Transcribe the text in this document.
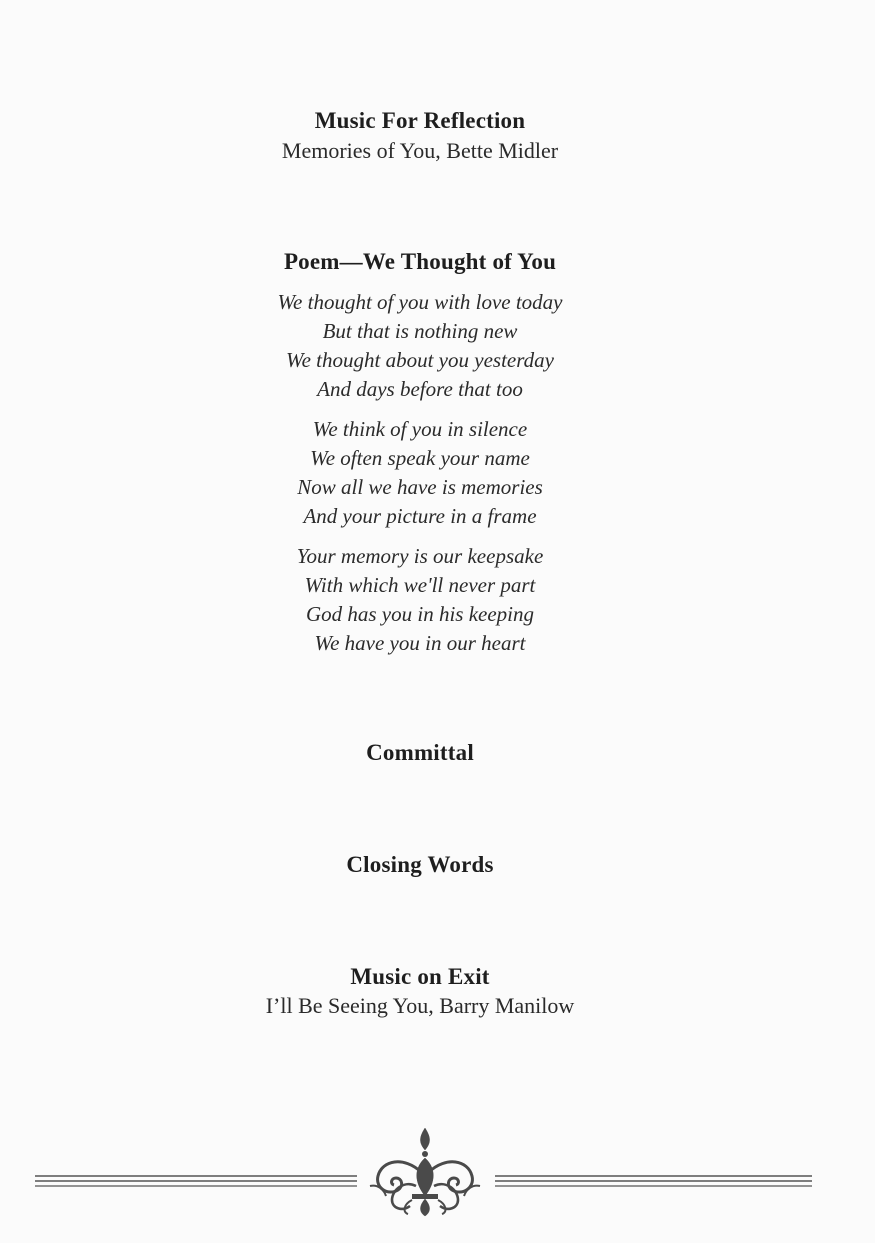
Music For Reflection
Memories of You, Bette Midler
Poem—We Thought of You
We thought of you with love today
But that is nothing new
We thought about you yesterday
And days before that too
We think of you in silence
We often speak your name
Now all we have is memories
And your picture in a frame
Your memory is our keepsake
With which we'll never part
God has you in his keeping
We have you in our heart
Committal
Closing Words
Music on Exit
I’ll Be Seeing You, Barry Manilow
